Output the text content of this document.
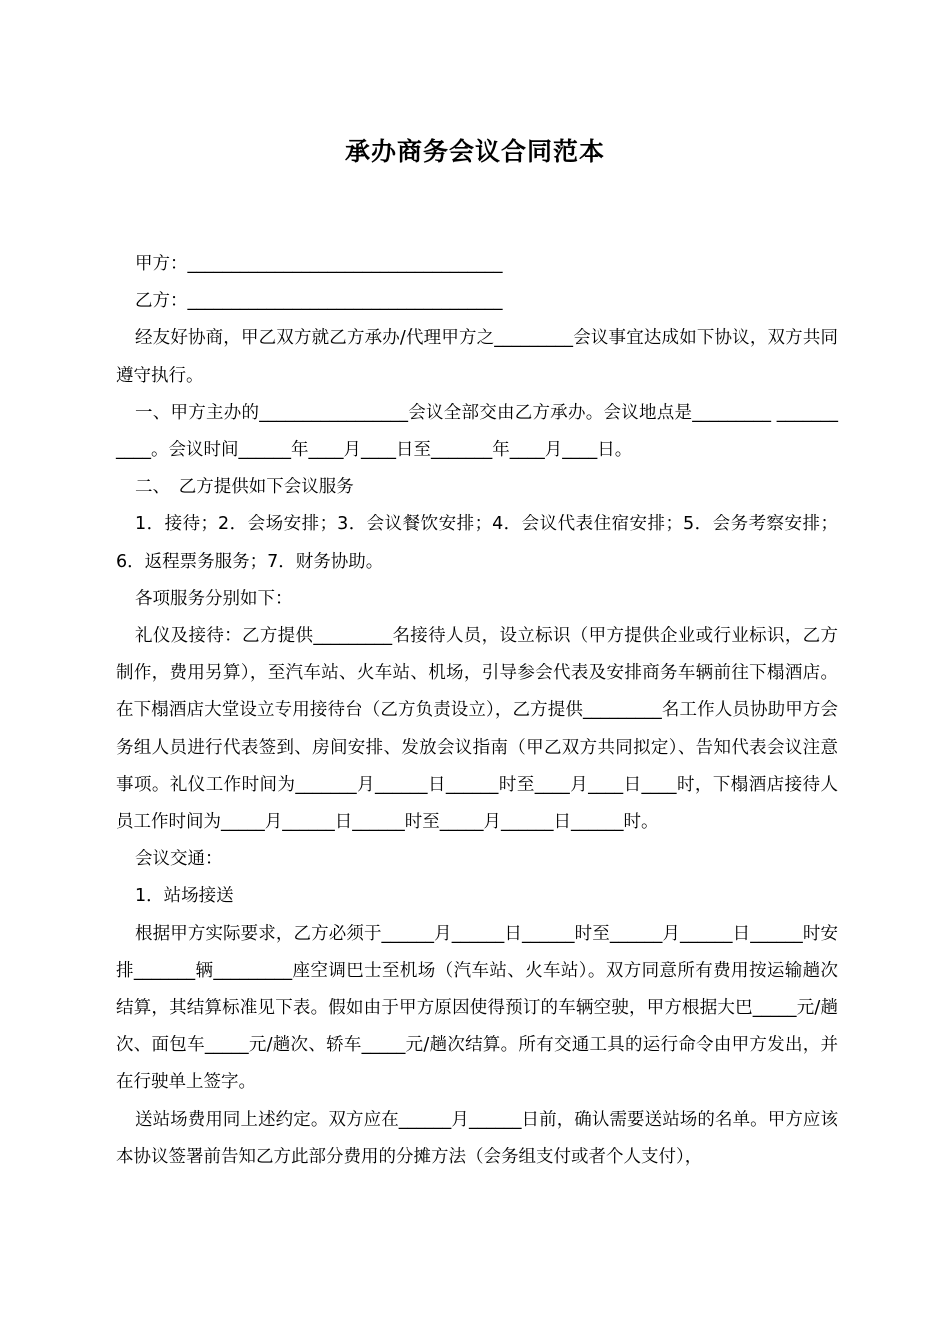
承办商务会议合同范本

甲方：____________________________________

乙方：____________________________________

经友好协商，甲乙双方就乙方承办/代理甲方之_________会议事宜达成如下协议，双方共同遵守执行。

一、甲方主办的_________________会议全部交由乙方承办。会议地点是_________ ___________。会议时间______年____月____日至_______年____月____日。

二、　乙方提供如下会议服务

1．接待；2．会场安排；3．会议餐饮安排；4．会议代表住宿安排；5．会务考察安排；6．返程票务服务；7．财务协助。

各项服务分别如下：

礼仪及接待：乙方提供_________名接待人员，设立标识（甲方提供企业或行业标识，乙方制作，费用另算），至汽车站、火车站、机场，引导参会代表及安排商务车辆前往下榻酒店。在下榻酒店大堂设立专用接待台（乙方负责设立），乙方提供_________名工作人员协助甲方会务组人员进行代表签到、房间安排、发放会议指南（甲乙双方共同拟定）、告知代表会议注意事项。礼仪工作时间为_______月______日______时至____月____日____时，下榻酒店接待人员工作时间为_____月______日______时至_____月______日______时。

会议交通：

1．站场接送

根据甲方实际要求，乙方必须于______月______日______时至______月______日______时安排_______辆_________座空调巴士至机场（汽车站、火车站）。双方同意所有费用按运输趟次结算，其结算标准见下表。假如由于甲方原因使得预订的车辆空驶，甲方根据大巴_____元/趟次、面包车_____元/趟次、轿车_____元/趟次结算。所有交通工具的运行命令由甲方发出，并在行驶单上签字。

送站场费用同上述约定。双方应在______月______日前，确认需要送站场的名单。甲方应该本协议签署前告知乙方此部分费用的分摊方法（会务组支付或者个人支付），
